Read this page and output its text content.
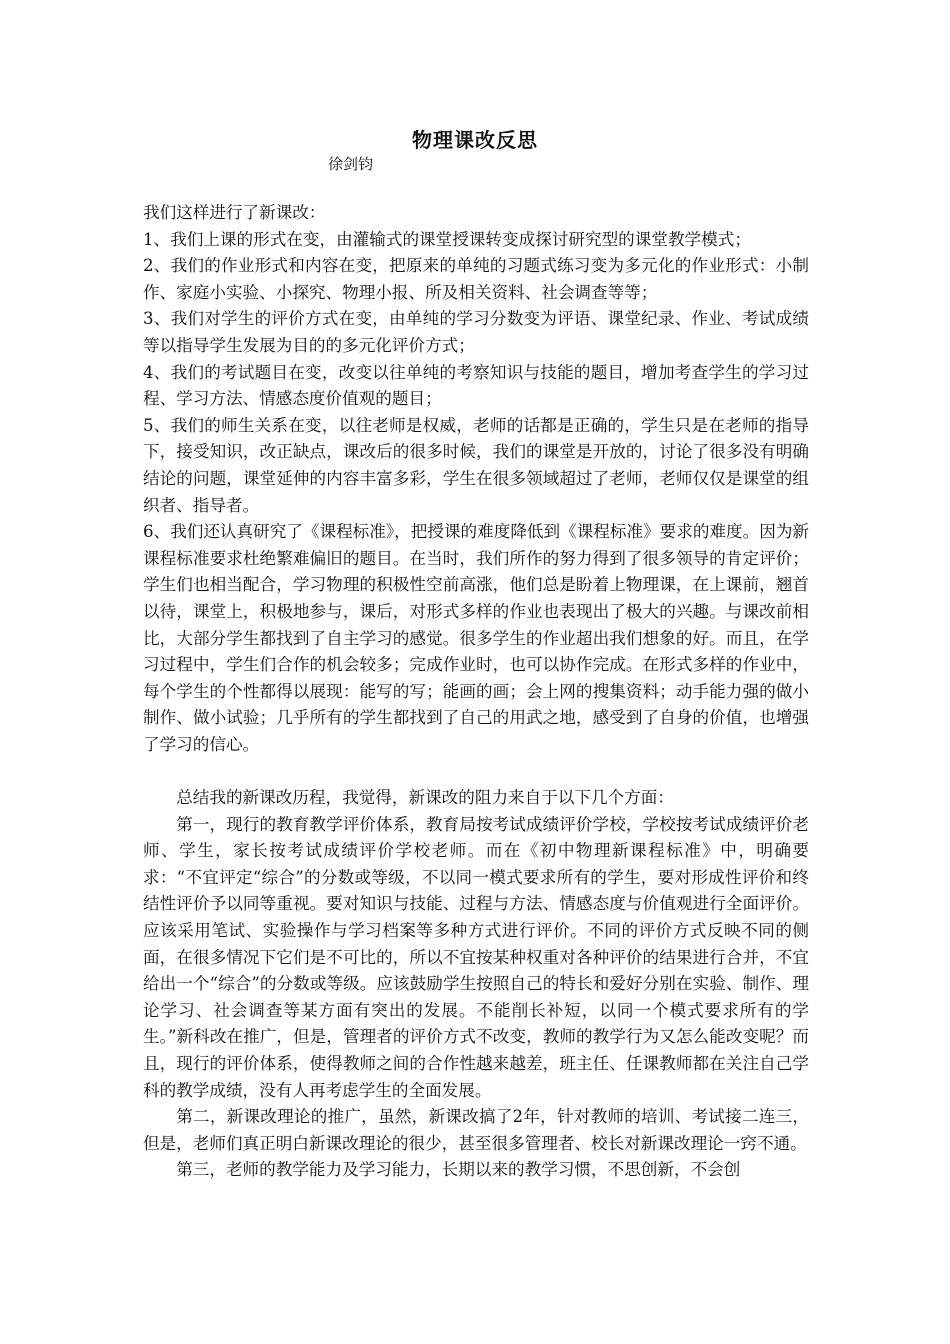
物理课改反思
徐剑钧

我们这样进行了新课改：

1、我们上课的形式在变，由灌输式的课堂授课转变成探讨研究型的课堂教学模式；

2、我们的作业形式和内容在变，把原来的单纯的习题式练习变为多元化的作业形式：小制作、家庭小实验、小探究、物理小报、所及相关资料、社会调查等等；

3、我们对学生的评价方式在变，由单纯的学习分数变为评语、课堂纪录、作业、考试成绩等以指导学生发展为目的的多元化评价方式；

4、我们的考试题目在变，改变以往单纯的考察知识与技能的题目，增加考查学生的学习过程、学习方法、情感态度价值观的题目；

5、我们的师生关系在变，以往老师是权威，老师的话都是正确的，学生只是在老师的指导下，接受知识，改正缺点，课改后的很多时候，我们的课堂是开放的，讨论了很多没有明确结论的问题，课堂延伸的内容丰富多彩，学生在很多领域超过了老师，老师仅仅是课堂的组织者、指导者。

6、我们还认真研究了《课程标准》，把授课的难度降低到《课程标准》要求的难度。因为新课程标准要求杜绝繁难偏旧的题目。在当时，我们所作的努力得到了很多领导的肯定评价；学生们也相当配合，学习物理的积极性空前高涨，他们总是盼着上物理课，在上课前，翘首以待，课堂上，积极地参与，课后，对形式多样的作业也表现出了极大的兴趣。与课改前相比，大部分学生都找到了自主学习的感觉。很多学生的作业超出我们想象的好。而且，在学习过程中，学生们合作的机会较多；完成作业时，也可以协作完成。在形式多样的作业中，每个学生的个性都得以展现：能写的写；能画的画；会上网的搜集资料；动手能力强的做小制作、做小试验；几乎所有的学生都找到了自己的用武之地，感受到了自身的价值，也增强了学习的信心。

总结我的新课改历程，我觉得，新课改的阻力来自于以下几个方面：

第一，现行的教育教学评价体系，教育局按考试成绩评价学校，学校按考试成绩评价老师、学生，家长按考试成绩评价学校老师。而在《初中物理新课程标准》中，明确要求：“不宜评定“综合”的分数或等级，不以同一模式要求所有的学生，要对形成性评价和终结性评价予以同等重视。要对知识与技能、过程与方法、情感态度与价值观进行全面评价。应该采用笔试、实验操作与学习档案等多种方式进行评价。不同的评价方式反映不同的侧面，在很多情况下它们是不可比的，所以不宜按某种权重对各种评价的结果进行合并，不宜给出一个“综合”的分数或等级。应该鼓励学生按照自己的特长和爱好分别在实验、制作、理论学习、社会调查等某方面有突出的发展。不能削长补短，以同一个模式要求所有的学生。”新科改在推广，但是，管理者的评价方式不改变，教师的教学行为又怎么能改变呢？而且，现行的评价体系，使得教师之间的合作性越来越差，班主任、任课教师都在关注自己学科的教学成绩，没有人再考虑学生的全面发展。

第二，新课改理论的推广，虽然，新课改搞了2年，针对教师的培训、考试接二连三，但是，老师们真正明白新课改理论的很少，甚至很多管理者、校长对新课改理论一窍不通。

第三，老师的教学能力及学习能力，长期以来的教学习惯，不思创新，不会创
